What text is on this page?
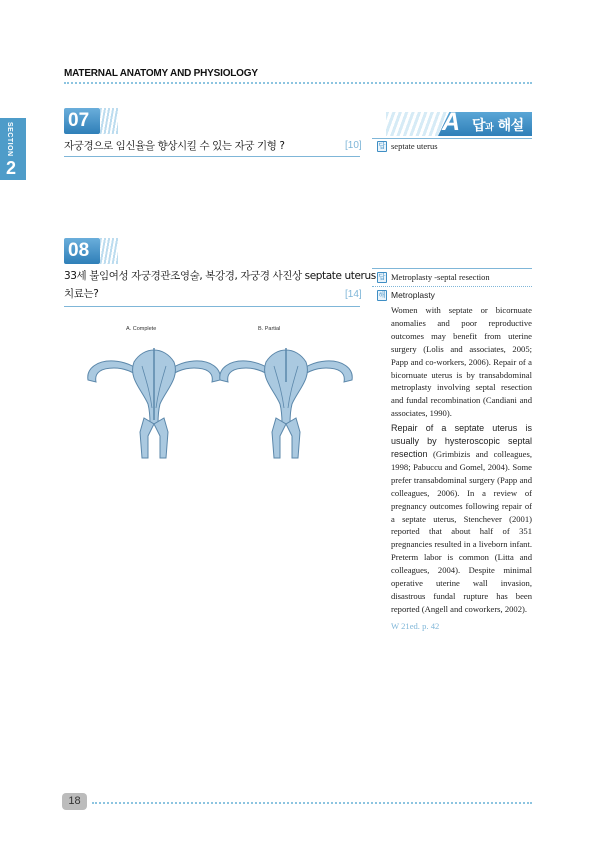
MATERNAL ANATOMY AND PHYSIOLOGY
SECTION
2
07
자궁경으로 임신율을 향상시킬 수 있는 자궁 기형 ?	[10]
A 답과 해설
답 septate uterus
08
33세 불임여성 자궁경관조영술, 복강경, 자궁경 사진상 septate uterus
치료는?	[14]
답 Metroplasty -septal resection
해 Metroplasty
Women with septate or bicornuate anomalies and poor reproductive outcomes may benefit from uterine surgery (Lolis and associates, 2005; Papp and co-workers, 2006). Repair of a bicornuate uterus is by transabdominal metroplasty involving septal resection and fundal recombination (Candiani and associates, 1990).
Repair of a septate uterus is usually by hysteroscopic septal resection (Grimbizis and colleagues, 1998; Pabuccu and Gomel, 2004). Some prefer transabdominal surgery (Papp and colleagues, 2006). In a review of pregnancy outcomes following repair of a septate uterus, Stenchever (2001) reported that about half of 351 pregnancies resulted in a liveborn infant. Preterm labor is common (Litta and colleagues, 2004). Despite minimal operative uterine wall invasion, disastrous fundal rupture has been reported (Angell and coworkers, 2002).
W 21ed. p. 42
A. Complete	B. Partial
18
